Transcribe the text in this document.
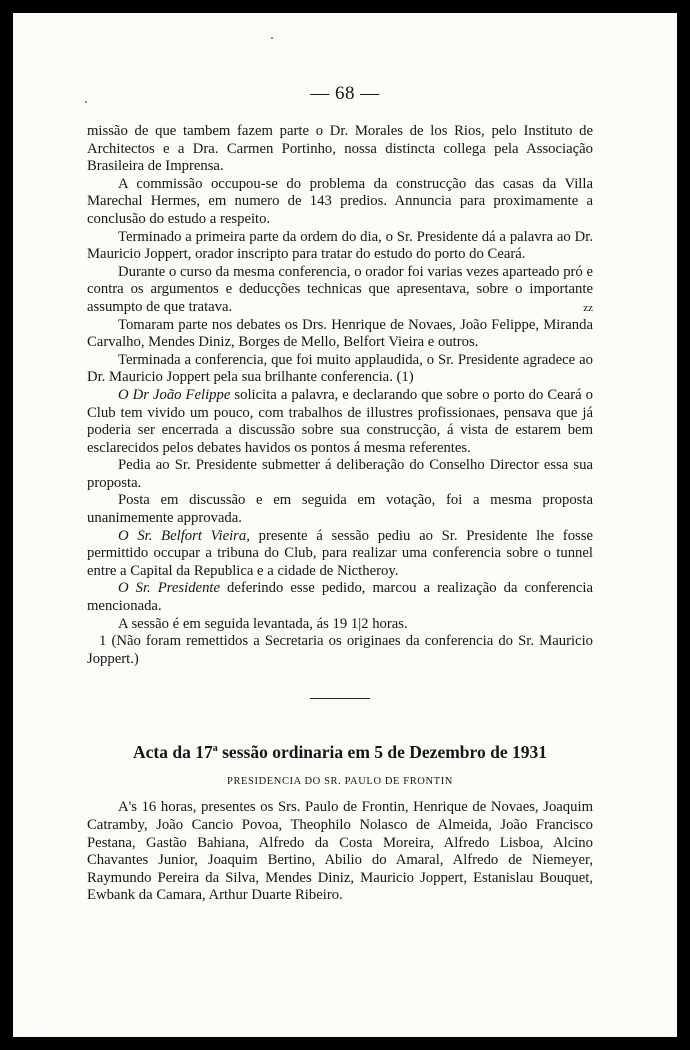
— 68 —

missão de que tambem fazem parte o Dr. Morales de los Rios, pelo Instituto de Architectos e a Dra. Carmen Portinho, nossa distincta collega pela Associação Brasileira de Imprensa.

A commissão occupou-se do problema da construcção das casas da Villa Marechal Hermes, em numero de 143 predios. Annuncia para proximamente a conclusão do estudo a respeito.

Terminado a primeira parte da ordem do dia, o Sr. Presidente dá a palavra ao Dr. Mauricio Joppert, orador inscripto para tratar do estudo do porto do Ceará.

Durante o curso da mesma conferencia, o orador foi varias vezes aparteado pró e contra os argumentos e deducções technicas que apresentava, sobre o importante assumpto de que tratava.	zz

Tomaram parte nos debates os Drs. Henrique de Novaes, João Felippe, Miranda Carvalho, Mendes Diniz, Borges de Mello, Belfort Vieira e outros.

Terminada a conferencia, que foi muito applaudida, o Sr. Presidente agradece ao Dr. Mauricio Joppert pela sua brilhante conferencia. (1)

O Dr João Felippe solicita a palavra, e declarando que sobre o porto do Ceará o Club tem vivido um pouco, com trabalhos de illustres profissionaes, pensava que já poderia ser encerrada a discussão sobre sua construcção, á vista de estarem bem esclarecidos pelos debates havidos os pontos á mesma referentes.

Pedia ao Sr. Presidente submetter á deliberação do Conselho Director essa sua proposta.

Posta em discussão e em seguida em votação, foi a mesma proposta unanimemente approvada.

O Sr. Belfort Vieira, presente á sessão pediu ao Sr. Presidente lhe fosse permittido occupar a tribuna do Club, para realizar uma conferencia sobre o tunnel entre a Capital da Republica e a cidade de Nictheroy.

O Sr. Presidente deferindo esse pedido, marcou a realização da conferencia mencionada.

A sessão é em seguida levantada, ás 19 1|2 horas.

1 (Não foram remettidos a Secretaria os originaes da conferencia do Sr. Mauricio Joppert.)

Acta da 17$^a$ sessão ordinaria em 5 de Dezembro de 1931
PRESIDENCIA DO SR. PAULO DE FRONTIN

A's 16 horas, presentes os Srs. Paulo de Frontin, Henrique de Novaes, Joaquim Catramby, João Cancio Povoa, Theophilo Nolasco de Almeida, João Francisco Pestana, Gastão Bahiana, Alfredo da Costa Moreira, Alfredo Lisboa, Alcino Chavantes Junior, Joaquim Bertino, Abilio do Amaral, Alfredo de Niemeyer, Raymundo Pereira da Silva, Mendes Diniz, Mauricio Joppert, Estanislau Bouquet, Ewbank da Camara, Arthur Duarte Ribeiro.
